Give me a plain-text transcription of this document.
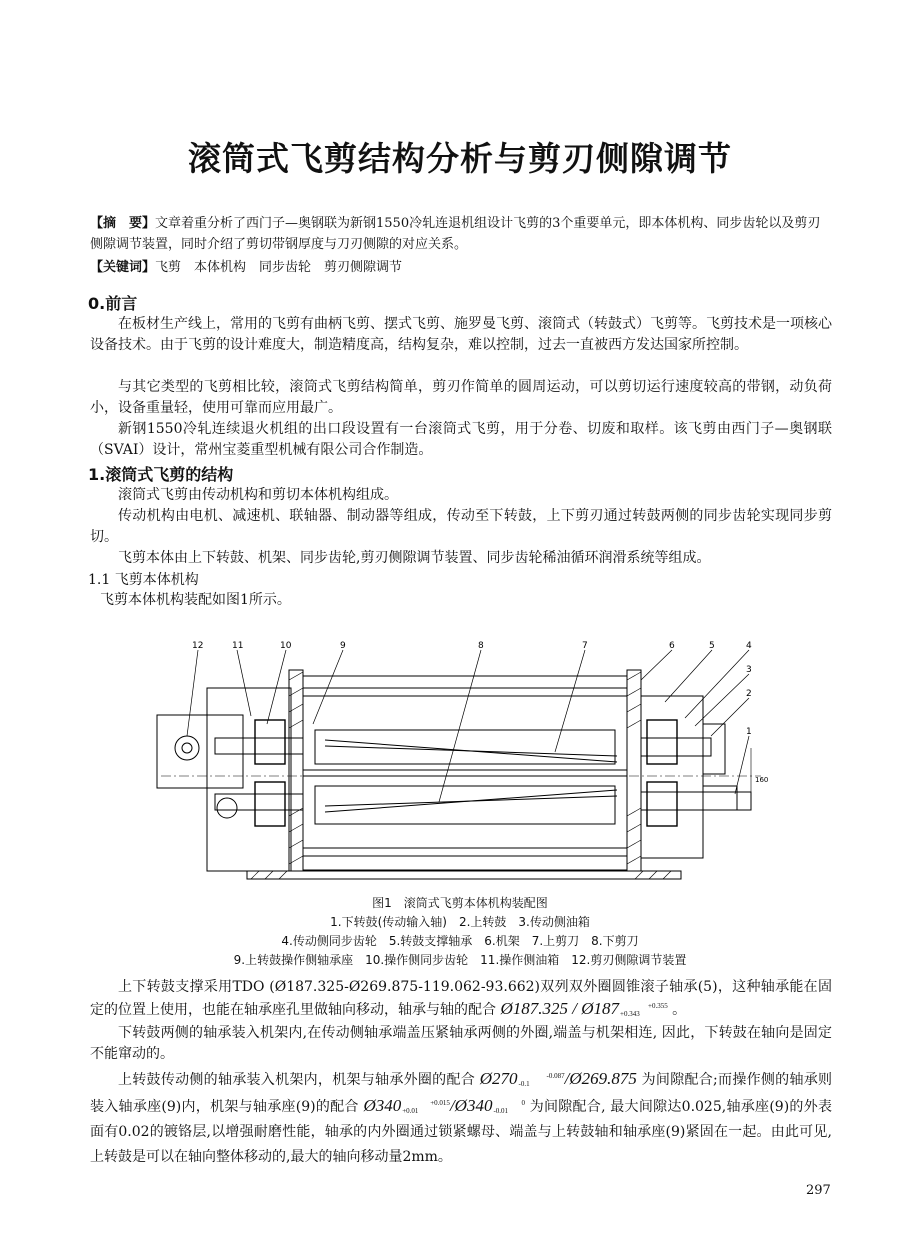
滚筒式飞剪结构分析与剪刃侧隙调节
【摘　要】文章着重分析了西门子—奥钢联为新钢1550冷轧连退机组设计飞剪的3个重要单元，即本体机构、同步齿轮以及剪刃侧隙调节装置，同时介绍了剪切带钢厚度与刀刃侧隙的对应关系。
【关键词】飞剪　本体机构　同步齿轮　剪刃侧隙调节
0.前言
在板材生产线上，常用的飞剪有曲柄飞剪、摆式飞剪、施罗曼飞剪、滚筒式（转鼓式）飞剪等。飞剪技术是一项核心设备技术。由于飞剪的设计难度大，制造精度高，结构复杂，难以控制，过去一直被西方发达国家所控制。
与其它类型的飞剪相比较，滚筒式飞剪结构简单，剪刃作简单的圆周运动，可以剪切运行速度较高的带钢，动负荷小，设备重量轻，使用可靠而应用最广。
新钢1550冷轧连续退火机组的出口段设置有一台滚筒式飞剪，用于分卷、切废和取样。该飞剪由西门子—奥钢联（SVAI）设计，常州宝菱重型机械有限公司合作制造。
1.滚筒式飞剪的结构
滚筒式飞剪由传动机构和剪切本体机构组成。
传动机构由电机、减速机、联轴器、制动器等组成，传动至下转鼓，上下剪刃通过转鼓两侧的同步齿轮实现同步剪切。
飞剪本体由上下转鼓、机架、同步齿轮,剪刃侧隙调节装置、同步齿轮稀油循环润滑系统等组成。
1.1 飞剪本体机构
飞剪本体机构装配如图1所示。
12	11	10	9	8	7	6	5	4
3
2
1
160
图1　滚筒式飞剪本体机构装配图
1.下转鼓(传动输入轴)　2.上转鼓　3.传动侧油箱
4.传动侧同步齿轮　5.转鼓支撑轴承　6.机架　7.上剪刀　8.下剪刀
9.上转鼓操作侧轴承座　10.操作侧同步齿轮　11.操作侧油箱　12.剪刃侧隙调节装置
上下转鼓支撑采用TDO (Ø187.325-Ø269.875-119.062-93.662)双列双外圈圆锥滚子轴承(5)，这种轴承能在固定的位置上使用，也能在轴承座孔里做轴向移动，轴承与轴的配合 Ø187.325 / Ø187	+0.355
+0.343 。
下转鼓两侧的轴承装入机架内,在传动侧轴承端盖压紧轴承两侧的外圈,端盖与机架相连, 因此，下转鼓在轴向是固定不能窜动的。
上转鼓传动侧的轴承装入机架内，机架与轴承外圈的配合 Ø270	-0.087
-0.1 /Ø269.875 为间隙配合;而操作侧的轴承则装入轴承座(9)内，机架与轴承座(9)的配合 Ø340	+0.015
+0.01 /Ø340	0
-0.01 为间隙配合, 最大间隙达0.025,轴承座(9)的外表面有0.02的镀铬层,以增强耐磨性能，轴承的内外圈通过锁紧螺母、端盖与上转鼓轴和轴承座(9)紧固在一起。由此可见, 上转鼓是可以在轴向整体移动的,最大的轴向移动量2mm。
297
